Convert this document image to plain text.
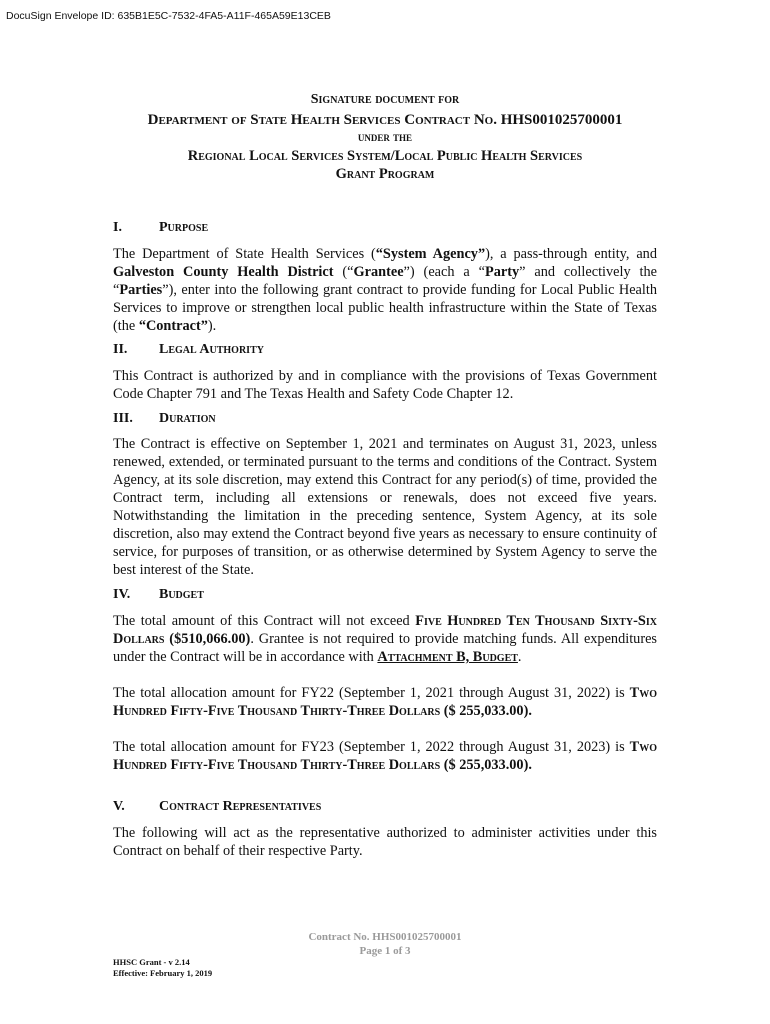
DocuSign Envelope ID: 635B1E5C-7532-4FA5-A11F-465A59E13CEB
Signature document for
Department of State Health Services Contract No. HHS001025700001
under the
Regional Local Services System/Local Public Health Services
Grant Program
I.	Purpose
The Department of State Health Services (“System Agency”), a pass-through entity, and Galveston County Health District (“Grantee”) (each a “Party” and collectively the “Parties”), enter into the following grant contract to provide funding for Local Public Health Services to improve or strengthen local public health infrastructure within the State of Texas (the “Contract”).
II. Legal Authority
This Contract is authorized by and in compliance with the provisions of Texas Government Code Chapter 791 and The Texas Health and Safety Code Chapter 12.
III. Duration
The Contract is effective on September 1, 2021 and terminates on August 31, 2023, unless renewed, extended, or terminated pursuant to the terms and conditions of the Contract. System Agency, at its sole discretion, may extend this Contract for any period(s) of time, provided the Contract term, including all extensions or renewals, does not exceed five years. Notwithstanding the limitation in the preceding sentence, System Agency, at its sole discretion, also may extend the Contract beyond five years as necessary to ensure continuity of service, for purposes of transition, or as otherwise determined by System Agency to serve the best interest of the State.
IV. Budget
The total amount of this Contract will not exceed Five Hundred Ten Thousand Sixty-Six Dollars ($510,066.00). Grantee is not required to provide matching funds. All expenditures under the Contract will be in accordance with Attachment B, Budget.
The total allocation amount for FY22 (September 1, 2021 through August 31, 2022) is Two Hundred Fifty-Five Thousand Thirty-Three Dollars ($ 255,033.00).
The total allocation amount for FY23 (September 1, 2022 through August 31, 2023) is Two Hundred Fifty-Five Thousand Thirty-Three Dollars ($ 255,033.00).
V. Contract Representatives
The following will act as the representative authorized to administer activities under this Contract on behalf of their respective Party.
Contract No. HHS001025700001
Page 1 of 3
HHSC Grant - v 2.14
Effective: February 1, 2019
